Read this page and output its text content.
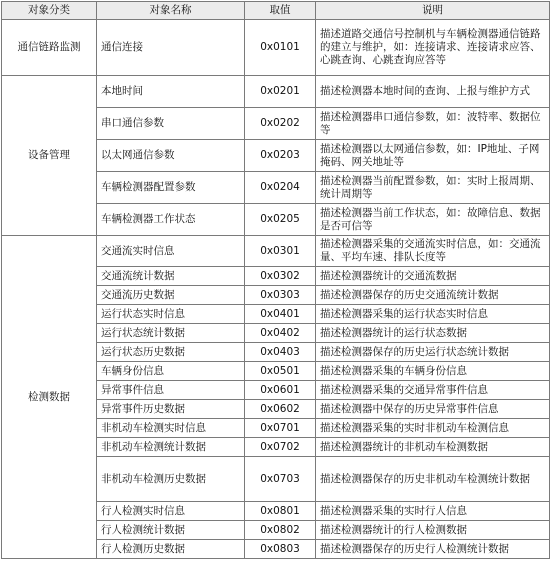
对象分类	对象名称	取值	说明
通信链路监测	通信连接	0x0101	描述道路交通信号控制机与车辆检测器通信链路的建立与维护，如：连接请求、连接请求应答、心跳查询、心跳查询应答等
设备管理	本地时间	0x0201	描述检测器本地时间的查询、上报与维护方式
	串口通信参数	0x0202	描述检测器串口通信参数，如：波特率、数据位等
	以太网通信参数	0x0203	描述检测器以太网通信参数，如：IP地址、子网掩码、网关地址等
	车辆检测器配置参数	0x0204	描述检测器当前配置参数，如：实时上报周期、统计周期等
	车辆检测器工作状态	0x0205	描述检测器当前工作状态，如：故障信息、数据是否可信等
检测数据	交通流实时信息	0x0301	描述检测器采集的交通流实时信息，如：交通流量、平均车速、排队长度等
	交通流统计数据	0x0302	描述检测器统计的交通流数据
	交通流历史数据	0x0303	描述检测器保存的历史交通流统计数据
	运行状态实时信息	0x0401	描述检测器采集的运行状态实时信息
	运行状态统计数据	0x0402	描述检测器统计的运行状态数据
	运行状态历史数据	0x0403	描述检测器保存的历史运行状态统计数据
	车辆身份信息	0x0501	描述检测器采集的车辆身份信息
	异常事件信息	0x0601	描述检测器采集的交通异常事件信息
	异常事件历史数据	0x0602	描述检测器中保存的历史异常事件信息
	非机动车检测实时信息	0x0701	描述检测器采集的实时非机动车检测信息
	非机动车检测统计数据	0x0702	描述检测器统计的非机动车检测数据
	非机动车检测历史数据	0x0703	描述检测器保存的历史非机动车检测统计数据
	行人检测实时信息	0x0801	描述检测器采集的实时行人信息
	行人检测统计数据	0x0802	描述检测器统计的行人检测数据
	行人检测历史数据	0x0803	描述检测器保存的历史行人检测统计数据
